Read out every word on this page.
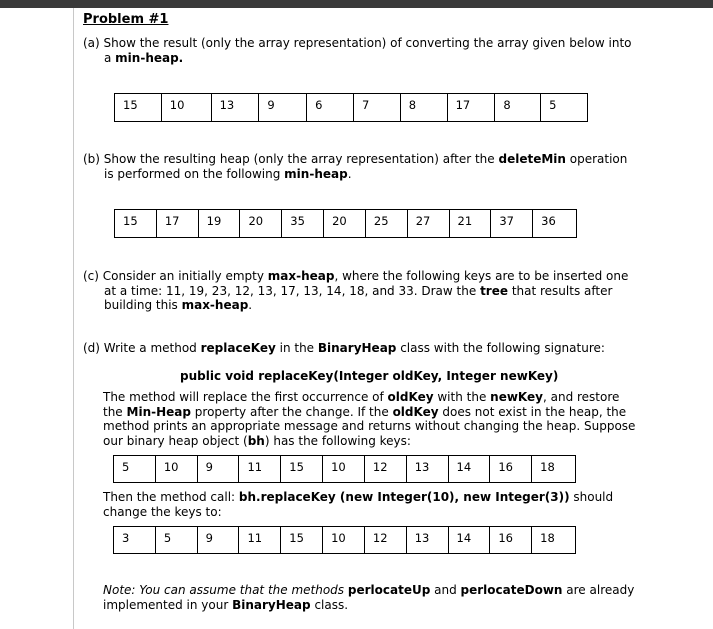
Problem #1
(a) Show the result (only the array representation) of converting the array given below into
a min-heap.
15	10	13	9	6	7	8	17	8	5
(b) Show the resulting heap (only the array representation) after the deleteMin operation
is performed on the following min-heap.
15	17	19	20	35	20	25	27	21	37	36
(c) Consider an initially empty max-heap, where the following keys are to be inserted one
at a time: 11, 19, 23, 12, 13, 17, 13, 14, 18, and 33. Draw the tree that results after
building this max-heap.
(d) Write a method replaceKey in the BinaryHeap class with the following signature:
public void replaceKey(Integer oldKey, Integer newKey)
The method will replace the first occurrence of oldKey with the newKey, and restore
the Min-Heap property after the change. If the oldKey does not exist in the heap, the
method prints an appropriate message and returns without changing the heap. Suppose
our binary heap object (bh) has the following keys:
5	10	9	11	15	10	12	13	14	16	18
Then the method call: bh.replaceKey (new Integer(10), new Integer(3)) should
change the keys to:
3	5	9	11	15	10	12	13	14	16	18
Note: You can assume that the methods perlocateUp and perlocateDown are already
implemented in your BinaryHeap class.
